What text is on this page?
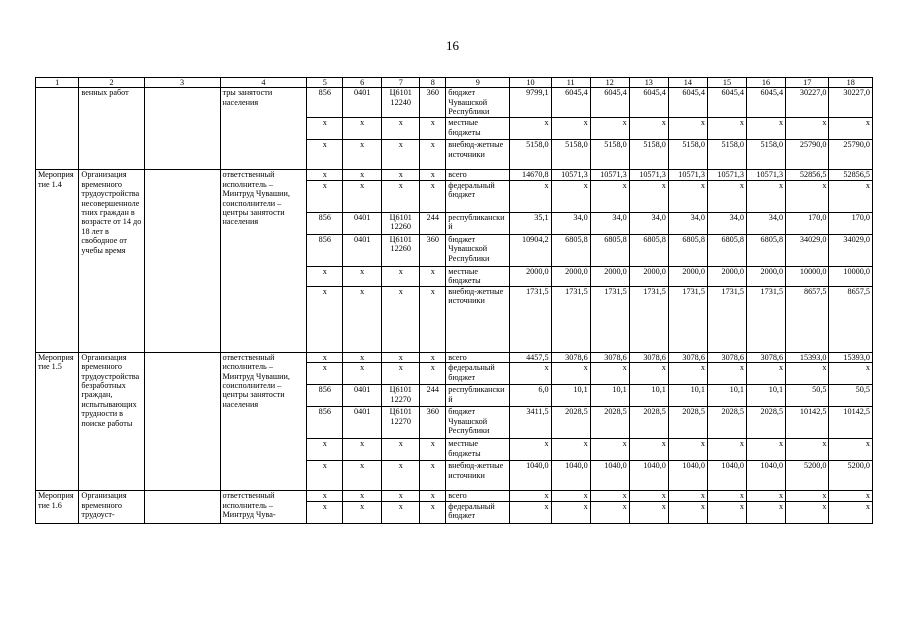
16
1	2	3	4	5	6	7	8	9	10	11	12	13	14	15	16	17	18
	венных работ		тры занятости населения	856	0401	Ц6101 12240	360	бюджет Чувашской Республики	9799,1	6045,4	6045,4	6045,4	6045,4	6045,4	6045,4	30227,0	30227,0
				x	x	x	x	местные бюджеты	x	x	x	x	x	x	x	x	x
				x	x	x	x	внебюд-жетные источники	5158,0	5158,0	5158,0	5158,0	5158,0	5158,0	5158,0	25790,0	25790,0
Мероприятие 1.4	Организация временного трудоустройства несовершеннолетних граждан в возрасте от 14 до 18 лет в свободное от учебы время		ответственный исполнитель – Минтруд Чувашии, соисполнители – центры занятости населения	x	x	x	x	всего	14670,8	10571,3	10571,3	10571,3	10571,3	10571,3	10571,3	52856,5	52856,5
				x	x	x	x	федеральный бюджет	x	x	x	x	x	x	x	x	x
				856	0401	Ц6101 12260	244	республиканский	35,1	34,0	34,0	34,0	34,0	34,0	34,0	170,0	170,0
				856	0401	Ц6101 12260	360	бюджет Чувашской Республики	10904,2	6805,8	6805,8	6805,8	6805,8	6805,8	6805,8	34029,0	34029,0
				x	x	x	x	местные бюджеты	2000,0	2000,0	2000,0	2000,0	2000,0	2000,0	2000,0	10000,0	10000,0
				x	x	x	x	внебюд-жетные источники	1731,5	1731,5	1731,5	1731,5	1731,5	1731,5	1731,5	8657,5	8657,5
Мероприятие 1.5	Организация временного трудоустройства безработных граждан, испытывающих трудности в поиске работы		ответственный исполнитель – Минтруд Чувашии, соисполнители – центры занятости населения	x	x	x	x	всего	4457,5	3078,6	3078,6	3078,6	3078,6	3078,6	3078,6	15393,0	15393,0
				x	x	x	x	федеральный бюджет	x	x	x	x	x	x	x	x	x
				856	0401	Ц6101 12270	244	республиканский	6,0	10,1	10,1	10,1	10,1	10,1	10,1	50,5	50,5
				856	0401	Ц6101 12270	360	бюджет Чувашской Республики	3411,5	2028,5	2028,5	2028,5	2028,5	2028,5	2028,5	10142,5	10142,5
				x	x	x	x	местные бюджеты	x	x	x	x	x	x	x	x	x
				x	x	x	x	внебюд-жетные источники	1040,0	1040,0	1040,0	1040,0	1040,0	1040,0	1040,0	5200,0	5200,0
Мероприятие 1.6	Организация временного трудоуст-		ответственный исполнитель – Минтруд Чува-	x	x	x	x	всего	x	x	x	x	x	x	x	x	x
				x	x	x	x	федеральный бюджет	x	x	x	x	x	x	x	x	x
